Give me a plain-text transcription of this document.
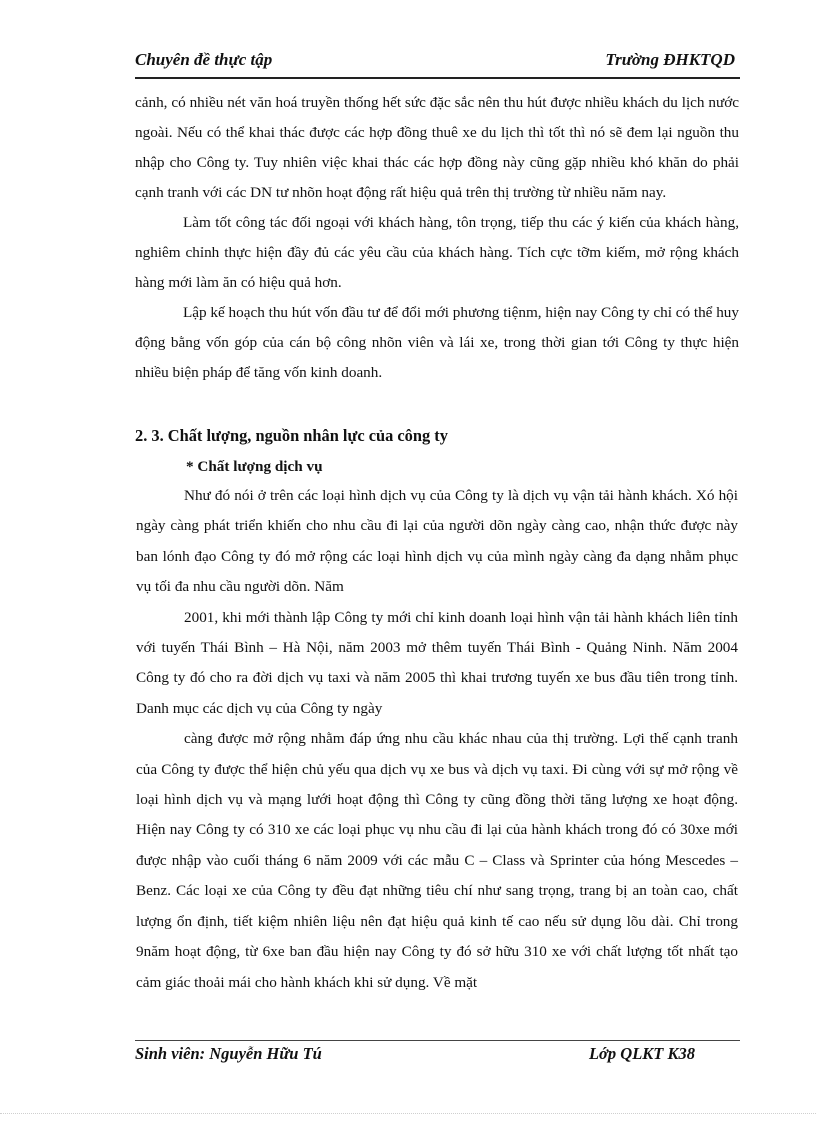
Chuyên đề thực tập	Trường ĐHKTQD

cảnh, có nhiều nét văn hoá truyền thống hết sức đặc sắc nên thu hút được nhiều khách du lịch nước ngoài. Nếu có thể khai thác được các hợp đồng thuê xe du lịch thì tốt thì nó sẽ đem lại nguồn thu nhập cho Công ty. Tuy nhiên việc khai thác các hợp đồng này cũng gặp nhiều khó khăn do phải cạnh tranh với các DN tư nhõn hoạt động rất hiệu quả trên thị trường từ nhiều năm nay.

Làm tốt công tác đối ngoại với khách hàng, tôn trọng, tiếp thu các ý kiến của khách hàng, nghiêm chỉnh thực hiện đầy đủ các yêu cầu của khách hàng. Tích cực tỡm kiếm, mở rộng khách hàng mới làm ăn có hiệu quả hơn.

Lập kế hoạch thu hút vốn đầu tư để đổi mới phương tiệnm, hiện nay Công ty chỉ có thể huy động bằng vốn góp của cán bộ công nhõn viên và lái xe, trong thời gian tới Công ty thực hiện nhiều biện pháp để tăng vốn kinh doanh.

2. 3. Chất lượng, nguồn nhân lực của công ty
* Chất lượng dịch vụ

Như đó nói ở trên các loại hình dịch vụ của Công ty là dịch vụ vận tải hành khách. Xó hội ngày càng phát triển khiến cho nhu cầu đi lại của người dõn ngày càng cao, nhận thức được này ban lónh đạo Công ty đó mở rộng các loại hình dịch vụ của mình ngày càng đa dạng nhằm phục vụ tối đa nhu cầu người dõn. Năm

2001, khi mới thành lập Công ty mới chỉ kinh doanh loại hình vận tải hành khách liên tỉnh với tuyến Thái Bình – Hà Nội, năm 2003 mở thêm tuyến Thái Bình - Quảng Ninh. Năm 2004 Công ty đó cho ra đời dịch vụ taxi và năm 2005 thì khai trương tuyến xe bus đầu tiên trong tỉnh. Danh mục các dịch vụ của Công ty ngày

càng được mở rộng nhằm đáp ứng nhu cầu khác nhau của thị trường. Lợi thế cạnh tranh của Công ty được thể hiện chủ yếu qua dịch vụ xe bus và dịch vụ taxi. Đi cùng với sự mở rộng về loại hình dịch vụ và mạng lưới hoạt động thì Công ty cũng đồng thời tăng lượng xe hoạt động. Hiện nay Công ty có 310 xe các loại phục vụ nhu cầu đi lại của hành khách trong đó có 30xe mới được nhập vào cuối tháng 6 năm 2009 với các mẫu C – Class và Sprinter của hóng Mescedes – Benz. Các loại xe của Công ty đều đạt những tiêu chí như sang trọng, trang bị an toàn cao, chất lượng ổn định, tiết kiệm nhiên liệu nên đạt hiệu quả kinh tế cao nếu sử dụng lõu dài. Chỉ trong 9năm hoạt động, từ 6xe ban đầu hiện nay Công ty đó sở hữu 310 xe với chất lượng tốt nhất tạo cảm giác thoải mái cho hành khách khi sử dụng. Về mặt

Sinh viên: Nguyễn Hữu Tú	Lớp QLKT K38
